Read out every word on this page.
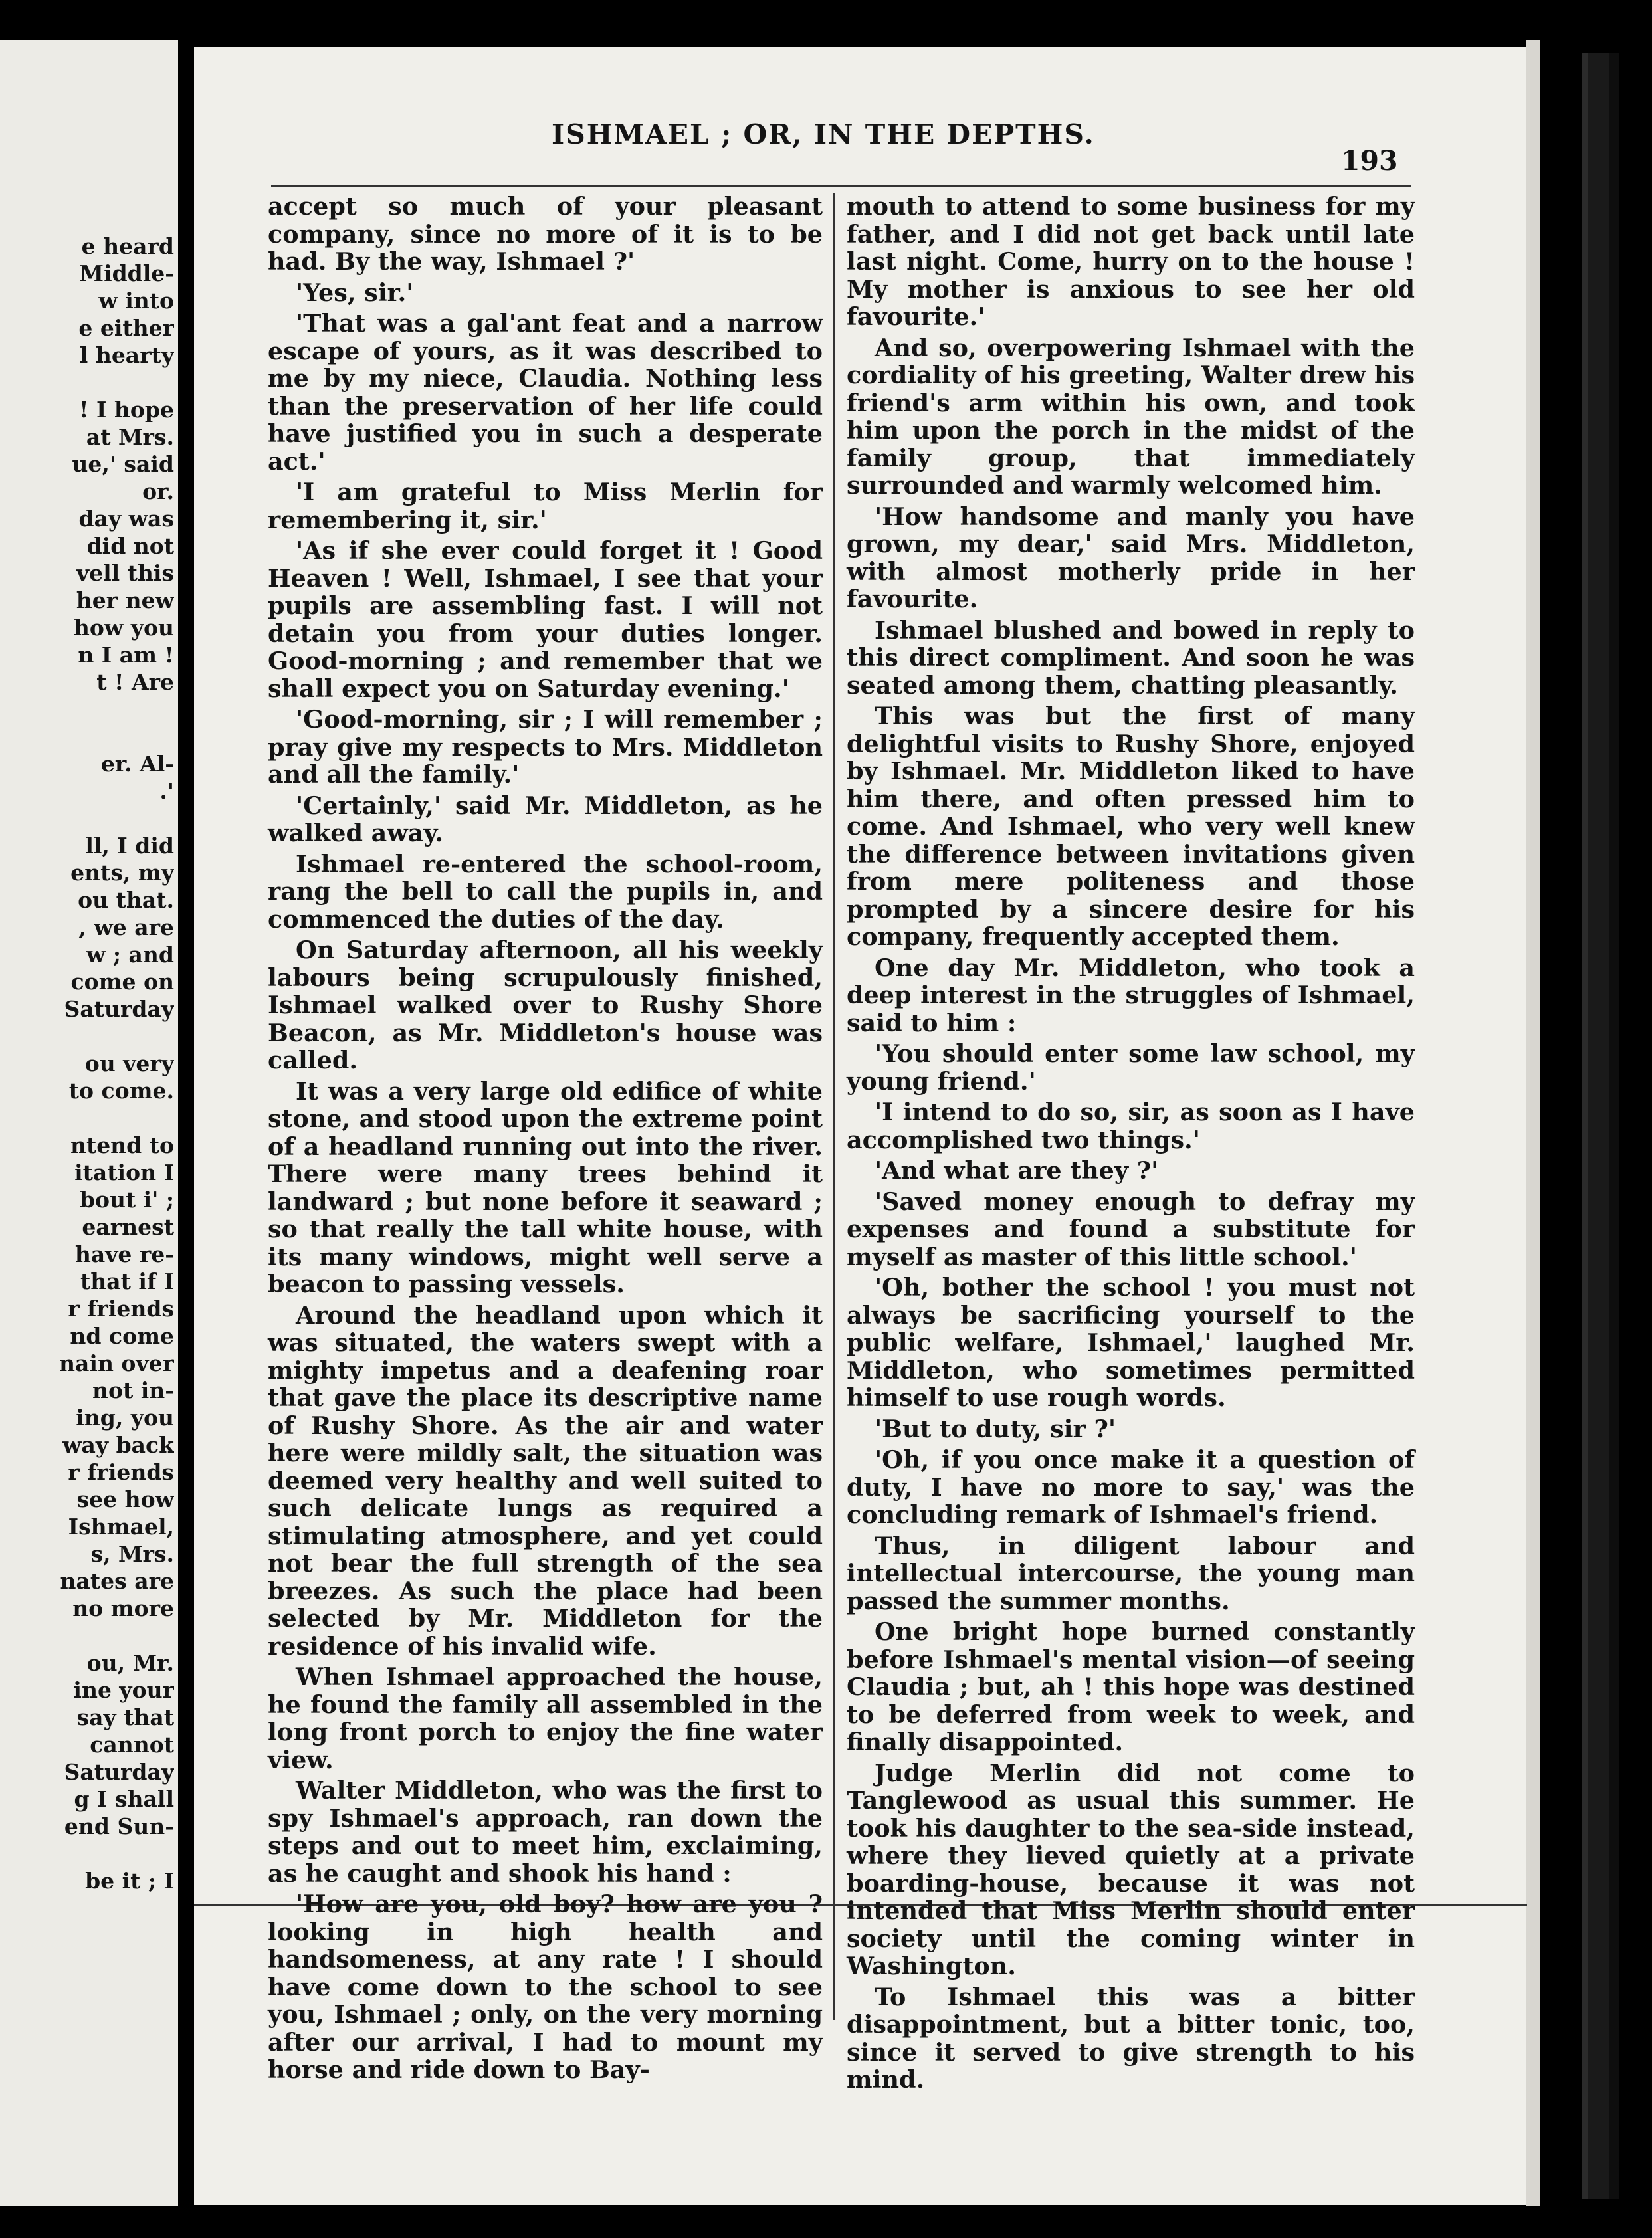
e heard
Middle-
w into
e either
l hearty
! I hope
at Mrs.
ue,' said
or.
day was
did not
vell this
her new
how you
n I am !
t ! Are
er. Al-
.'
ll, I did
ents, my
ou that.
, we are
w ; and
come on
Saturday
ou very
to come.
ntend to
itation I
bout i' ;
earnest
have re-
that if I
r friends
nd come
nain over
not in-
ing, you
way back
r friends
see how
Ishmael,
s, Mrs.
nates are
no more
ou, Mr.
ine your
say that
cannot
Saturday
g I shall
end Sun-
be it ; I
ISHMAEL ; OR, IN THE DEPTHS.
193

accept so much of your pleasant company, since no more of it is to be had. By the way, Ishmael ?'

'Yes, sir.'

'That was a gal'ant feat and a narrow escape of yours, as it was described to me by my niece, Claudia. Nothing less than the preservation of her life could have justified you in such a desperate act.'

'I am grateful to Miss Merlin for remembering it, sir.'

'As if she ever could forget it ! Good Heaven ! Well, Ishmael, I see that your pupils are assembling fast. I will not detain you from your duties longer. Good-morning ; and remember that we shall expect you on Saturday evening.'

'Good-morning, sir ; I will remember ; pray give my respects to Mrs. Middleton and all the family.'

'Certainly,' said Mr. Middleton, as he walked away.

Ishmael re-entered the school-room, rang the bell to call the pupils in, and commenced the duties of the day.

On Saturday afternoon, all his weekly labours being scrupulously finished, Ishmael walked over to Rushy Shore Beacon, as Mr. Middleton's house was called.

It was a very large old edifice of white stone, and stood upon the extreme point of a headland running out into the river. There were many trees behind it landward ; but none before it seaward ; so that really the tall white house, with its many windows, might well serve a beacon to passing vessels.

Around the headland upon which it was situated, the waters swept with a mighty impetus and a deafening roar that gave the place its descriptive name of Rushy Shore. As the air and water here were mildly salt, the situation was deemed very healthy and well suited to such delicate lungs as required a stimulating atmosphere, and yet could not bear the full strength of the sea breezes. As such the place had been selected by Mr. Middleton for the residence of his invalid wife.

When Ishmael approached the house, he found the family all assembled in the long front porch to enjoy the fine water view.

Walter Middleton, who was the first to spy Ishmael's approach, ran down the steps and out to meet him, exclaiming, as he caught and shook his hand :

'How are you, old boy? how are you ? looking in high health and handsomeness, at any rate ! I should have come down to the school to see you, Ishmael ; only, on the very morning after our arrival, I had to mount my horse and ride down to Bay-

mouth to attend to some business for my father, and I did not get back until late last night. Come, hurry on to the house ! My mother is anxious to see her old favourite.'

And so, overpowering Ishmael with the cordiality of his greeting, Walter drew his friend's arm within his own, and took him upon the porch in the midst of the family group, that immediately surrounded and warmly welcomed him.

'How handsome and manly you have grown, my dear,' said Mrs. Middleton, with almost motherly pride in her favourite.

Ishmael blushed and bowed in reply to this direct compliment. And soon he was seated among them, chatting pleasantly.

This was but the first of many delightful visits to Rushy Shore, enjoyed by Ishmael. Mr. Middleton liked to have him there, and often pressed him to come. And Ishmael, who very well knew the difference between invitations given from mere politeness and those prompted by a sincere desire for his company, frequently accepted them.

One day Mr. Middleton, who took a deep interest in the struggles of Ishmael, said to him :

'You should enter some law school, my young friend.'

'I intend to do so, sir, as soon as I have accomplished two things.'

'And what are they ?'

'Saved money enough to defray my expenses and found a substitute for myself as master of this little school.'

'Oh, bother the school ! you must not always be sacrificing yourself to the public welfare, Ishmael,' laughed Mr. Middleton, who sometimes permitted himself to use rough words.

'But to duty, sir ?'

'Oh, if you once make it a question of duty, I have no more to say,' was the concluding remark of Ishmael's friend.

Thus, in diligent labour and intellectual intercourse, the young man passed the summer months.

One bright hope burned constantly before Ishmael's mental vision—of seeing Claudia ; but, ah ! this hope was destined to be deferred from week to week, and finally disappointed.

Judge Merlin did not come to Tanglewood as usual this summer. He took his daughter to the sea-side instead, where they lieved quietly at a private boarding-house, because it was not intended that Miss Merlin should enter society until the coming winter in Washington.

To Ishmael this was a bitter disappointment, but a bitter tonic, too, since it served to give strength to his mind.
